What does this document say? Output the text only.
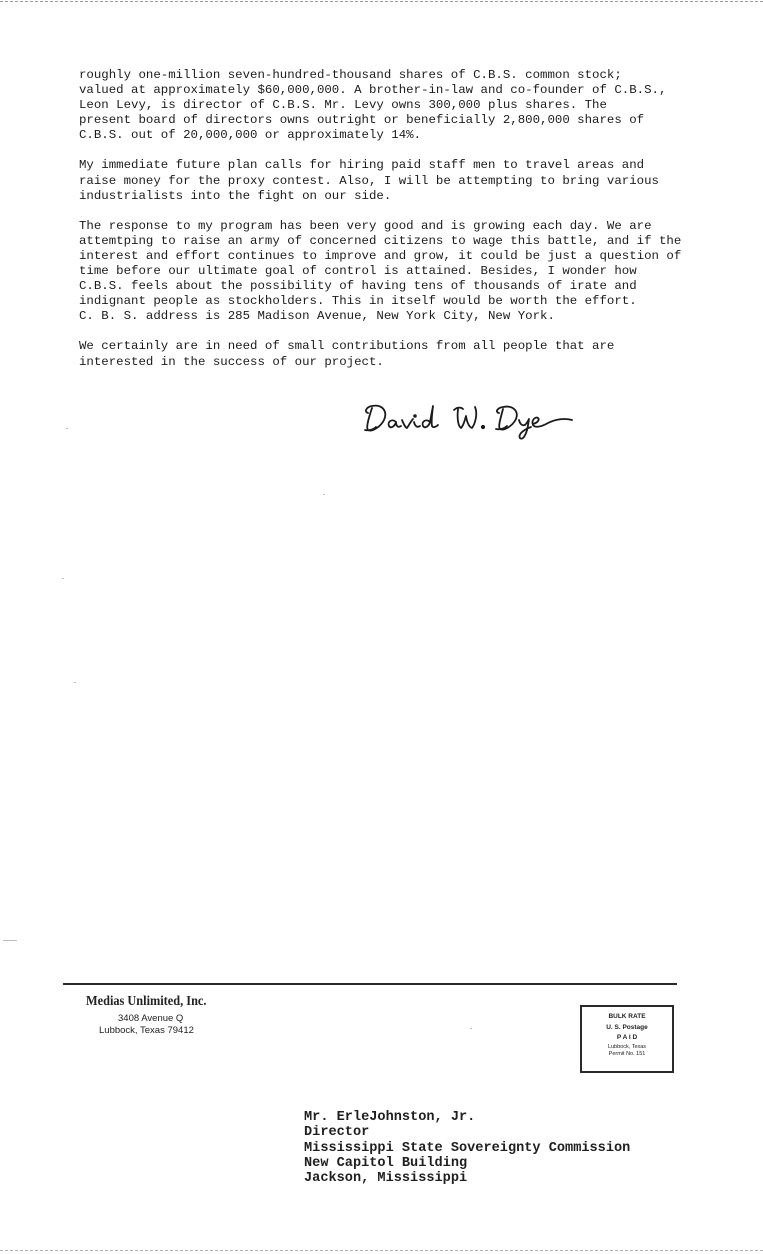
roughly one-million seven-hundred-thousand shares of C.B.S. common stock;
valued at approximately $60,000,000. A brother-in-law and co-founder of C.B.S.,
Leon Levy, is director of C.B.S. Mr. Levy owns 300,000 plus shares. The
present board of directors owns outright or beneficially 2,800,000 shares of
C.B.S. out of 20,000,000 or approximately 14%.

My immediate future plan calls for hiring paid staff men to travel areas and
raise money for the proxy contest. Also, I will be attempting to bring various
industrialists into the fight on our side.

The response to my program has been very good and is growing each day. We are
attemtping to raise an army of concerned citizens to wage this battle, and if the
interest and effort continues to improve and grow, it could be just a question of
time before our ultimate goal of control is attained. Besides, I wonder how
C.B.S. feels about the possibility of having tens of thousands of irate and
indignant people as stockholders. This in itself would be worth the effort.
C. B. S. address is 285 Madison Avenue, New York City, New York.

We certainly are in need of small contributions from all people that are
interested in the success of our project.

Medias Unlimited, Inc.
3408 Avenue Q
Lubbock, Texas 79412
BULK RATE
U. S. Postage
P A I D
Lubbock, Texas
Permit No. 151
Mr. ErleJohnston, Jr.
Director
Mississippi State Sovereignty Commission
New Capitol Building
Jackson, Mississippi
